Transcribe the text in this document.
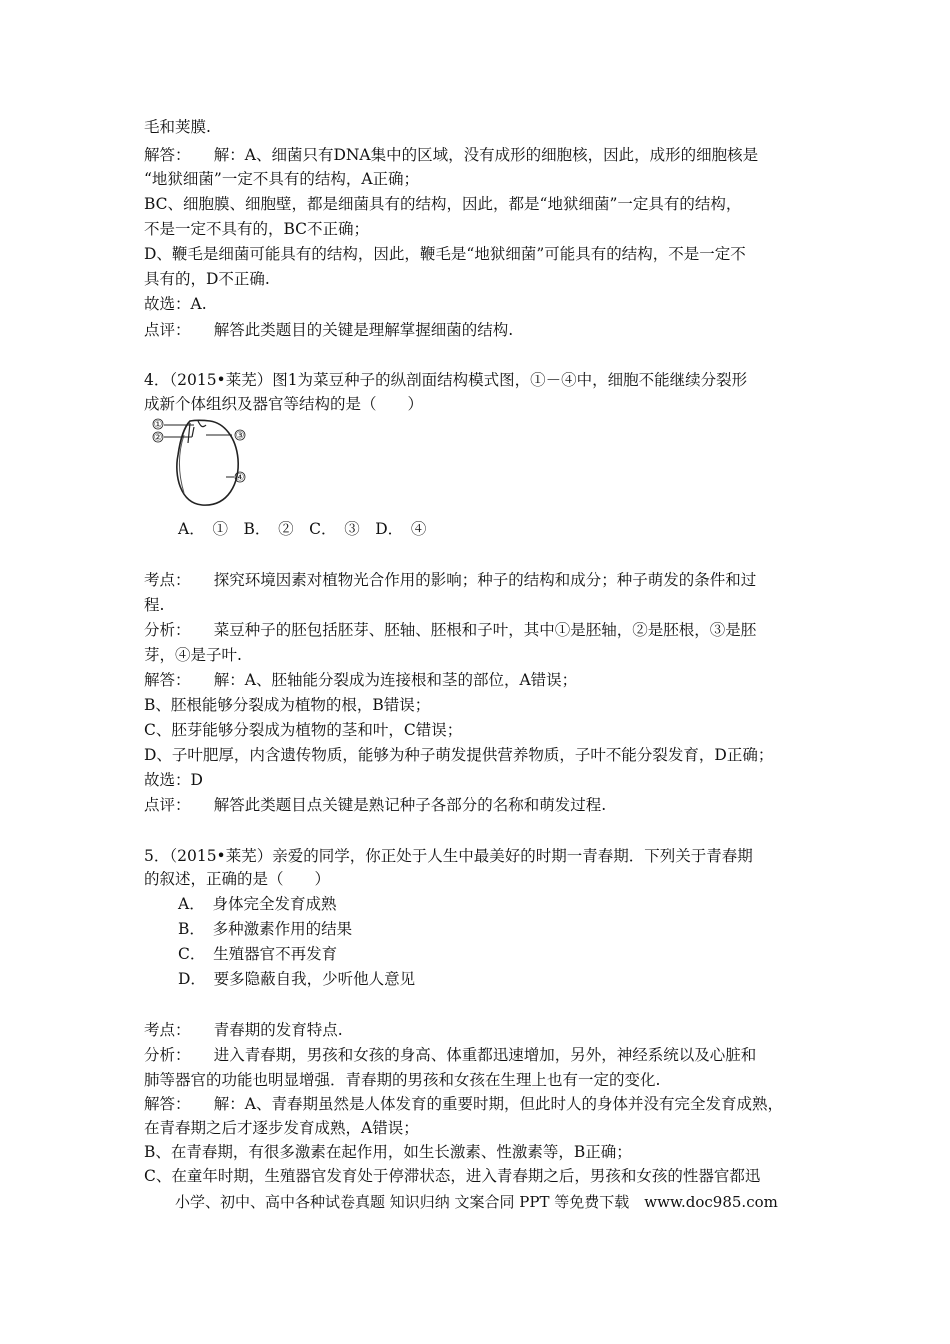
毛和荚膜.
解答：　　解：A、细菌只有DNA集中的区域，没有成形的细胞核，因此，成形的细胞核是
“地狱细菌”一定不具有的结构，A正确；
BC、细胞膜、细胞壁，都是细菌具有的结构，因此，都是“地狱细菌”一定具有的结构，
不是一定不具有的，BC不正确；
D、鞭毛是细菌可能具有的结构，因此，鞭毛是“地狱细菌”可能具有的结构，不是一定不
具有的，D不正确.
故选：A.
点评：　　解答此类题目的关键是理解掌握细菌的结构.
4．（2015•莱芜）图1为菜豆种子的纵剖面结构模式图，①－④中，细胞不能继续分裂形
成新个体组织及器官等结构的是（　　）
①
②	③
④
A．　①　B．　②　C．　③　D．　④
考点：　　探究环境因素对植物光合作用的影响；种子的结构和成分；种子萌发的条件和过
程.
分析：　　菜豆种子的胚包括胚芽、胚轴、胚根和子叶，其中①是胚轴，②是胚根，③是胚
芽，④是子叶.
解答：　　解：A、胚轴能分裂成为连接根和茎的部位，A错误；
B、胚根能够分裂成为植物的根，B错误；
C、胚芽能够分裂成为植物的茎和叶，C错误；
D、子叶肥厚，内含遗传物质，能够为种子萌发提供营养物质，子叶不能分裂发育，D正确；
故选：D
点评：　　解答此类题目点关键是熟记种子各部分的名称和萌发过程.
5．（2015•莱芜）亲爱的同学，你正处于人生中最美好的时期一青春期．下列关于青春期
的叙述，正确的是（　　）
A．　身体完全发育成熟
B．　多种激素作用的结果
C．　生殖器官不再发育
D．　要多隐蔽自我，少听他人意见
考点：　　青春期的发育特点.
分析：　　进入青春期，男孩和女孩的身高、体重都迅速增加，另外，神经系统以及心脏和
肺等器官的功能也明显增强．青春期的男孩和女孩在生理上也有一定的变化.
解答：　　解：A、青春期虽然是人体发育的重要时期，但此时人的身体并没有完全发育成熟，
在青春期之后才逐步发育成熟，A错误；
B、在青春期，有很多激素在起作用，如生长激素、性激素等，B正确；
C、在童年时期，生殖器官发育处于停滞状态，进入青春期之后，男孩和女孩的性器官都迅
小学、初中、高中各种试卷真题 知识归纳 文案合同 PPT 等免费下载　www.doc985.com
